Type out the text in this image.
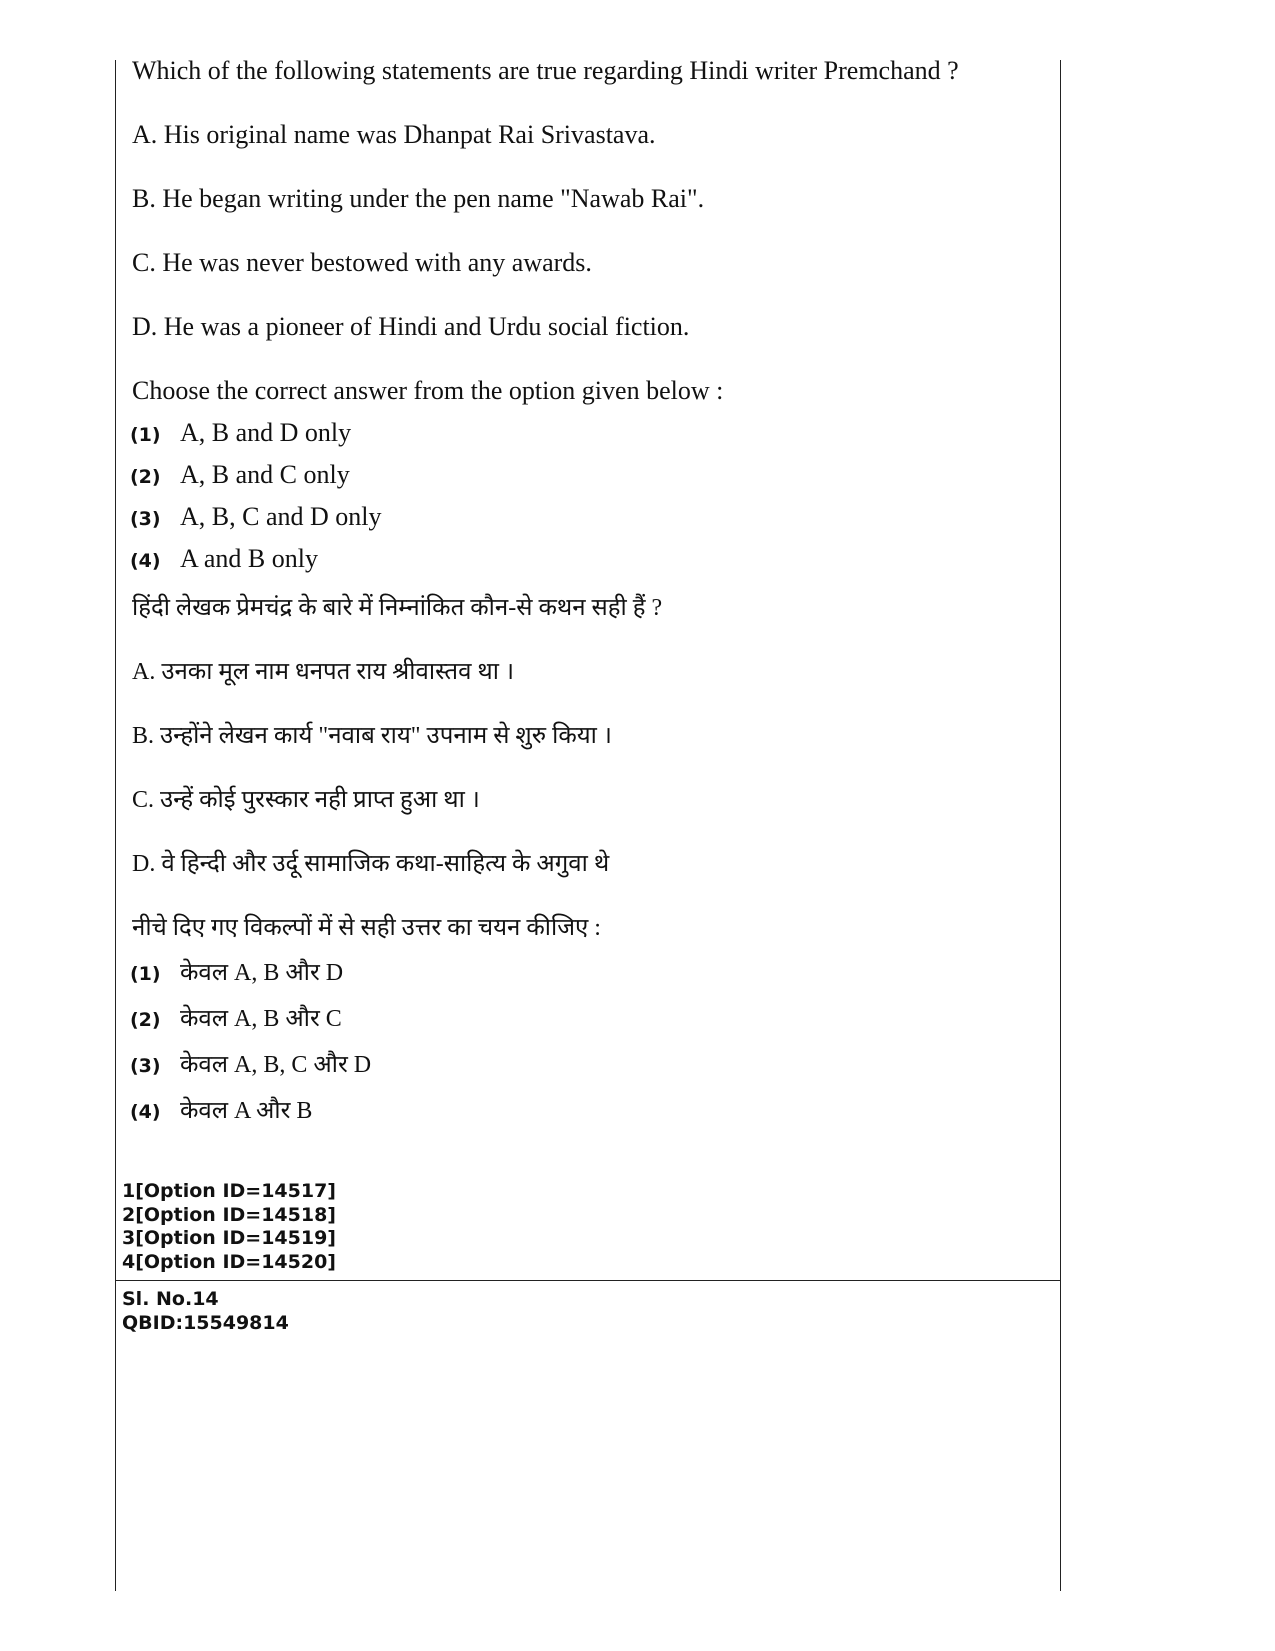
Which of the following statements are true regarding Hindi writer Premchand ?
A. His original name was Dhanpat Rai Srivastava.
B. He began writing under the pen name "Nawab Rai".
C. He was never bestowed with any awards.
D. He was a pioneer of Hindi and Urdu social fiction.
Choose the correct answer from the option given below :
(1) A, B and D only
(2) A, B and C only
(3) A, B, C and D only
(4) A and B only
हिंदी लेखक प्रेमचंद्र के बारे में निम्नांकित कौन-से कथन सही हैं ?
A. उनका मूल नाम धनपत राय श्रीवास्तव था ।
B. उन्होंने लेखन कार्य "नवाब राय" उपनाम से शुरु किया ।
C. उन्हें कोई पुरस्कार नही प्राप्त हुआ था ।
D. वे हिन्दी और उर्दू सामाजिक कथा-साहित्य के अगुवा थे
नीचे दिए गए विकल्पों में से सही उत्तर का चयन कीजिए :
(1) केवल A, B और D
(2) केवल A, B और C
(3) केवल A, B, C और D
(4) केवल A और B
1[Option ID=14517]
2[Option ID=14518]
3[Option ID=14519]
4[Option ID=14520]
Sl. No.14
QBID:15549814
